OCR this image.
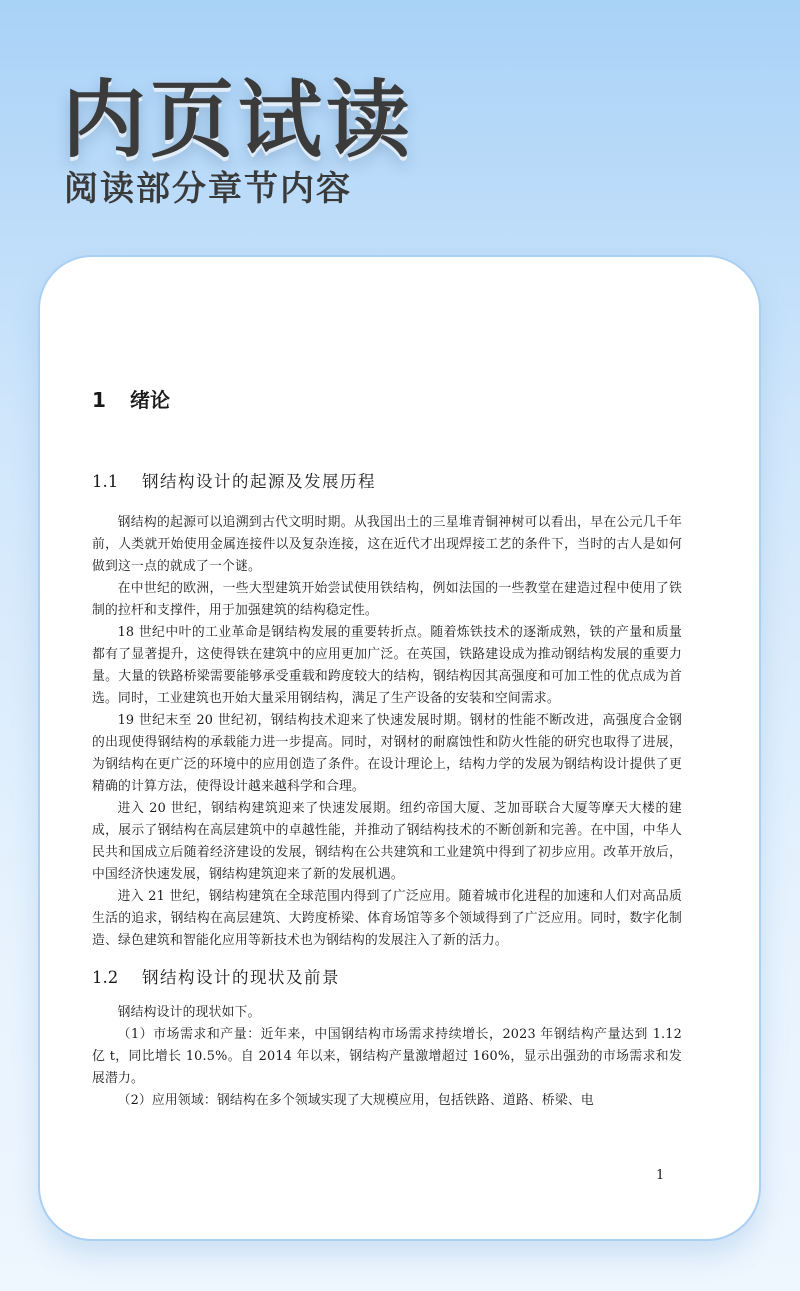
内页试读
阅读部分章节内容
1 绪论
1.1 钢结构设计的起源及发展历程

钢结构的起源可以追溯到古代文明时期。从我国出土的三星堆青铜神树可以看出，早在公元几千年前，人类就开始使用金属连接件以及复杂连接，这在近代才出现焊接工艺的条件下，当时的古人是如何做到这一点的就成了一个谜。

在中世纪的欧洲，一些大型建筑开始尝试使用铁结构，例如法国的一些教堂在建造过程中使用了铁制的拉杆和支撑件，用于加强建筑的结构稳定性。

18 世纪中叶的工业革命是钢结构发展的重要转折点。随着炼铁技术的逐渐成熟，铁的产量和质量都有了显著提升，这使得铁在建筑中的应用更加广泛。在英国，铁路建设成为推动钢结构发展的重要力量。大量的铁路桥梁需要能够承受重载和跨度较大的结构，钢结构因其高强度和可加工性的优点成为首选。同时，工业建筑也开始大量采用钢结构，满足了生产设备的安装和空间需求。

19 世纪末至 20 世纪初，钢结构技术迎来了快速发展时期。钢材的性能不断改进，高强度合金钢的出现使得钢结构的承载能力进一步提高。同时，对钢材的耐腐蚀性和防火性能的研究也取得了进展，为钢结构在更广泛的环境中的应用创造了条件。在设计理论上，结构力学的发展为钢结构设计提供了更精确的计算方法，使得设计越来越科学和合理。

进入 20 世纪，钢结构建筑迎来了快速发展期。纽约帝国大厦、芝加哥联合大厦等摩天大楼的建成，展示了钢结构在高层建筑中的卓越性能，并推动了钢结构技术的不断创新和完善。在中国，中华人民共和国成立后随着经济建设的发展，钢结构在公共建筑和工业建筑中得到了初步应用。改革开放后，中国经济快速发展，钢结构建筑迎来了新的发展机遇。

进入 21 世纪，钢结构建筑在全球范围内得到了广泛应用。随着城市化进程的加速和人们对高品质生活的追求，钢结构在高层建筑、大跨度桥梁、体育场馆等多个领域得到了广泛应用。同时，数字化制造、绿色建筑和智能化应用等新技术也为钢结构的发展注入了新的活力。

1.2 钢结构设计的现状及前景

钢结构设计的现状如下。

（1）市场需求和产量：近年来，中国钢结构市场需求持续增长，2023 年钢结构产量达到 1.12 亿 t，同比增长 10.5%。自 2014 年以来，钢结构产量激增超过 160%，显示出强劲的市场需求和发展潜力。

（2）应用领域：钢结构在多个领域实现了大规模应用，包括铁路、道路、桥梁、电

1
